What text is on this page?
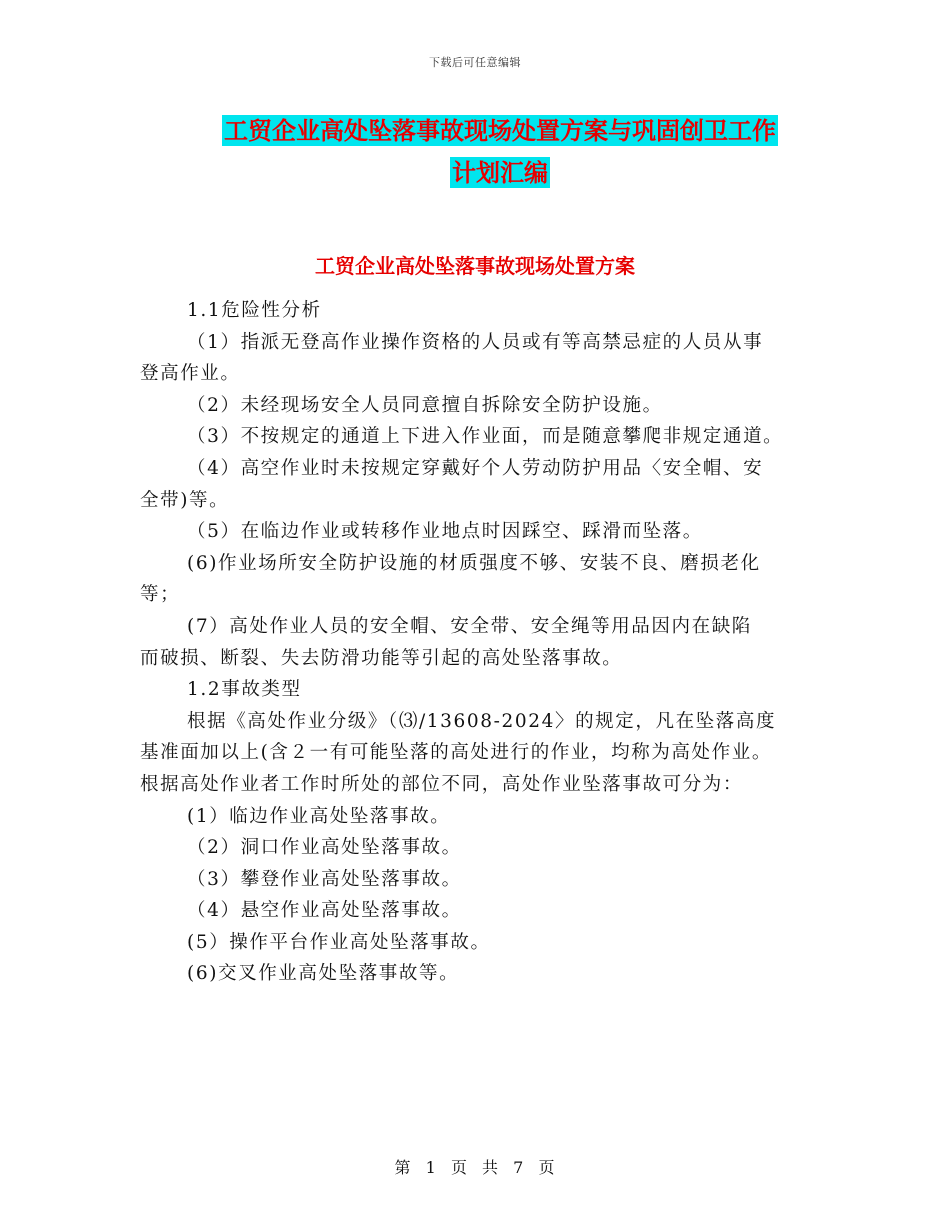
下载后可任意编辑
工贸企业高处坠落事故现场处置方案与巩固创卫工作
计划汇编
工贸企业高处坠落事故现场处置方案

1.1危险性分析

（1）指派无登高作业操作资格的人员或有等高禁忌症的人员从事

登高作业。

（2）未经现场安全人员同意擅自拆除安全防护设施。

（3）不按规定的通道上下进入作业面，而是随意攀爬非规定通道。

（4）高空作业时未按规定穿戴好个人劳动防护用品〈安全帽、安

全带)等。

（5）在临边作业或转移作业地点时因踩空、踩滑而坠落。

(6)作业场所安全防护设施的材质强度不够、安装不良、磨损老化

等；

(7）高处作业人员的安全帽、安全带、安全绳等用品因内在缺陷

而破损、断裂、失去防滑功能等引起的高处坠落事故。

1.2事故类型

根据《高处作业分级》（⑶/13608-2024〉的规定，凡在坠落高度

基准面加以上(含２一有可能坠落的高处进行的作业，均称为高处作业。

根据高处作业者工作时所处的部位不同，高处作业坠落事故可分为：

(1）临边作业高处坠落事故。

（2）洞口作业高处坠落事故。

（3）攀登作业高处坠落事故。

（4）悬空作业高处坠落事故。

(5）操作平台作业高处坠落事故。

(6)交叉作业高处坠落事故等。

第 1 页 共 7 页
